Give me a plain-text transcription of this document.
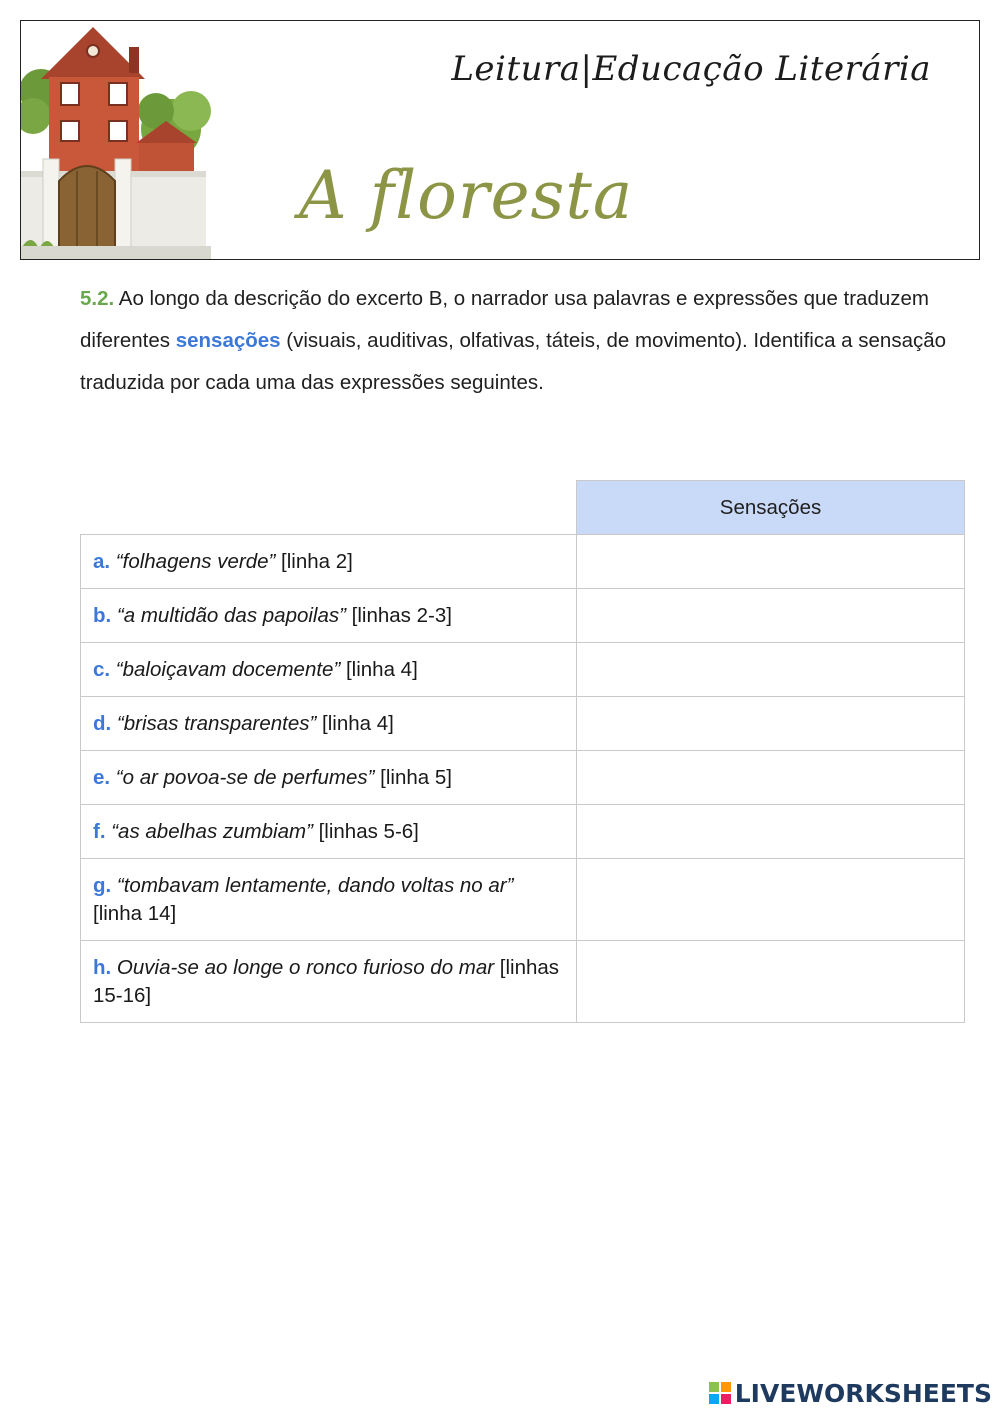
Leitura|Educação Literária
A floresta
5.2. Ao longo da descrição do excerto B, o narrador usa palavras e expressões que traduzem diferentes sensações (visuais, auditivas, olfativas, táteis, de movimento). Identifica a sensação traduzida por cada uma das expressões seguintes.
	Sensações
a. “folhagens verde” [linha 2]	
b. “a multidão das papoilas” [linhas 2-3]	
c. “baloiçavam docemente” [linha 4]	
d. “brisas transparentes” [linha 4]	
e. “o ar povoa-se de perfumes” [linha 5]	
f. “as abelhas zumbiam” [linhas 5-6]	
g. “tombavam lentamente, dando voltas no ar” [linha 14]	
h. Ouvia-se ao longe o ronco furioso do mar [linhas 15-16]	
LIVEWORKSHEETS
